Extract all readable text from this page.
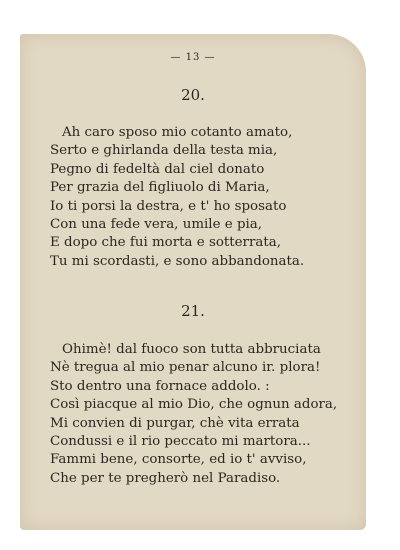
— 13 —
20.
Ah caro sposo mio cotanto amato,
Serto e ghirlanda della testa mia,
Pegno di fedeltà dal ciel donato
Per grazia del figliuolo di Maria,
Io ti porsi la destra, e t' ho sposato
Con una fede vera, umile e pia,
E dopo che fui morta e sotterrata,
Tu mi scordasti, e sono abbandonata.
21.
Ohimè! dal fuoco son tutta abbruciata
Nè tregua al mio penar alcuno ir. plora!
Sto dentro una fornace addolo. :
Così piacque al mio Dio, che ognun adora,
Mi convien di purgar, chè vita errata
Condussi e il rio peccato mi martora...
Fammi bene, consorte, ed io t' avviso,
Che per te pregherò nel Paradiso.
